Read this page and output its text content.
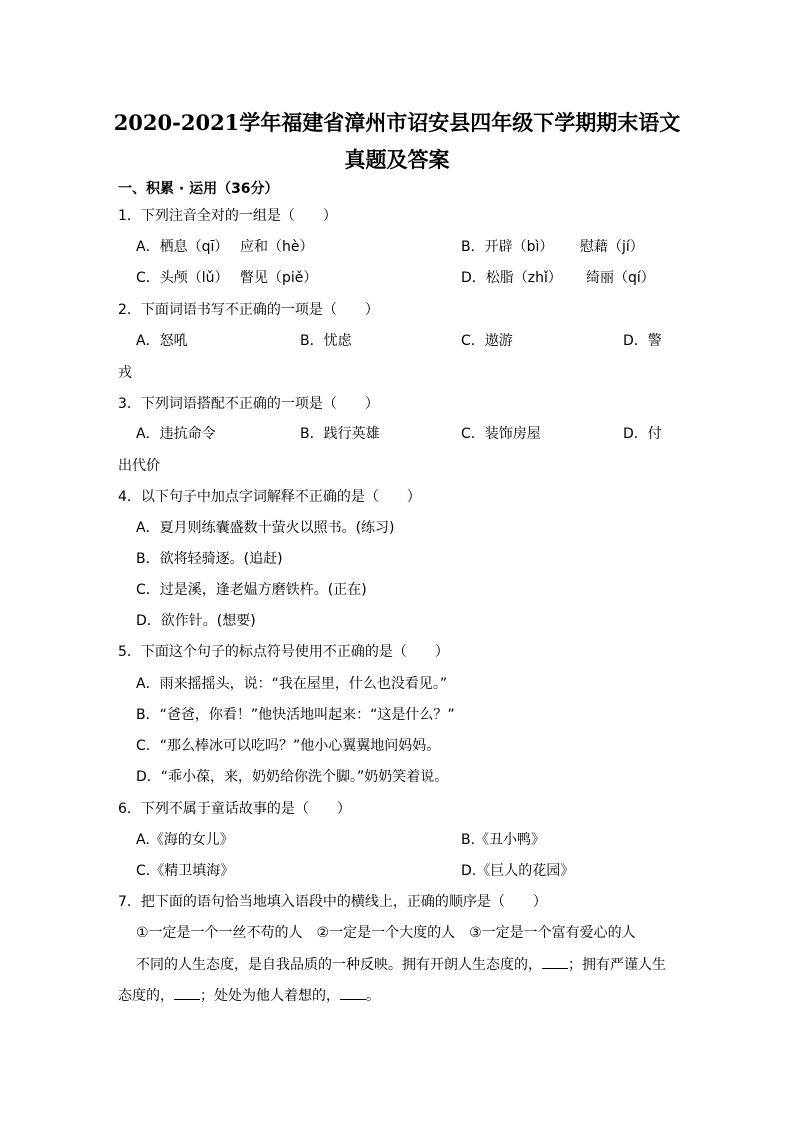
2020-2021学年福建省漳州市诏安县四年级下学期期末语文
真题及答案
一、积累 · 运用（36分）
1．下列注音全对的一组是（　　）
A．栖息（qī） 应和（hè）	B．开辟（bì） 慰藉（jí）
C．头颅（lǔ） 瞥见（piě）	D．松脂（zhǐ） 绮丽（qí）
2．下面词语书写不正确的一项是（　　）
A．怒吼	B．忧虑	C．遨游	D．警
戎
3．下列词语搭配不正确的一项是（　　）
A．违抗命令	B．践行英雄	C．装饰房屋	D．付
出代价
4．以下句子中加点字词解释不正确的是（　　）
A．夏月则练囊盛数十萤火以照书。(练习)
B．欲将轻骑逐。(追赶)
C．过是溪，逢老媪方磨铁杵。(正在)
D．欲作针。(想要)
5．下面这个句子的标点符号使用不正确的是（　　）
A．雨来摇摇头，说：“我在屋里，什么也没看见。”
B．“爸爸，你看！”他快活地叫起来：“这是什么？”
C．“那么棒冰可以吃吗？”他小心翼翼地问妈妈。
D．“乖小葆，来，奶奶给你洗个脚。”奶奶笑着说。
6．下列不属于童话故事的是（　　）
A.《海的女儿》	B.《丑小鸭》
C.《精卫填海》	D.《巨人的花园》
7．把下面的语句恰当地填入语段中的横线上，正确的顺序是（　　）
①一定是一个一丝不苟的人　②一定是一个大度的人　③一定是一个富有爱心的人
不同的人生态度，是自我品质的一种反映。拥有开朗人生态度的， ；拥有严谨人生
态度的， ；处处为他人着想的， 。
